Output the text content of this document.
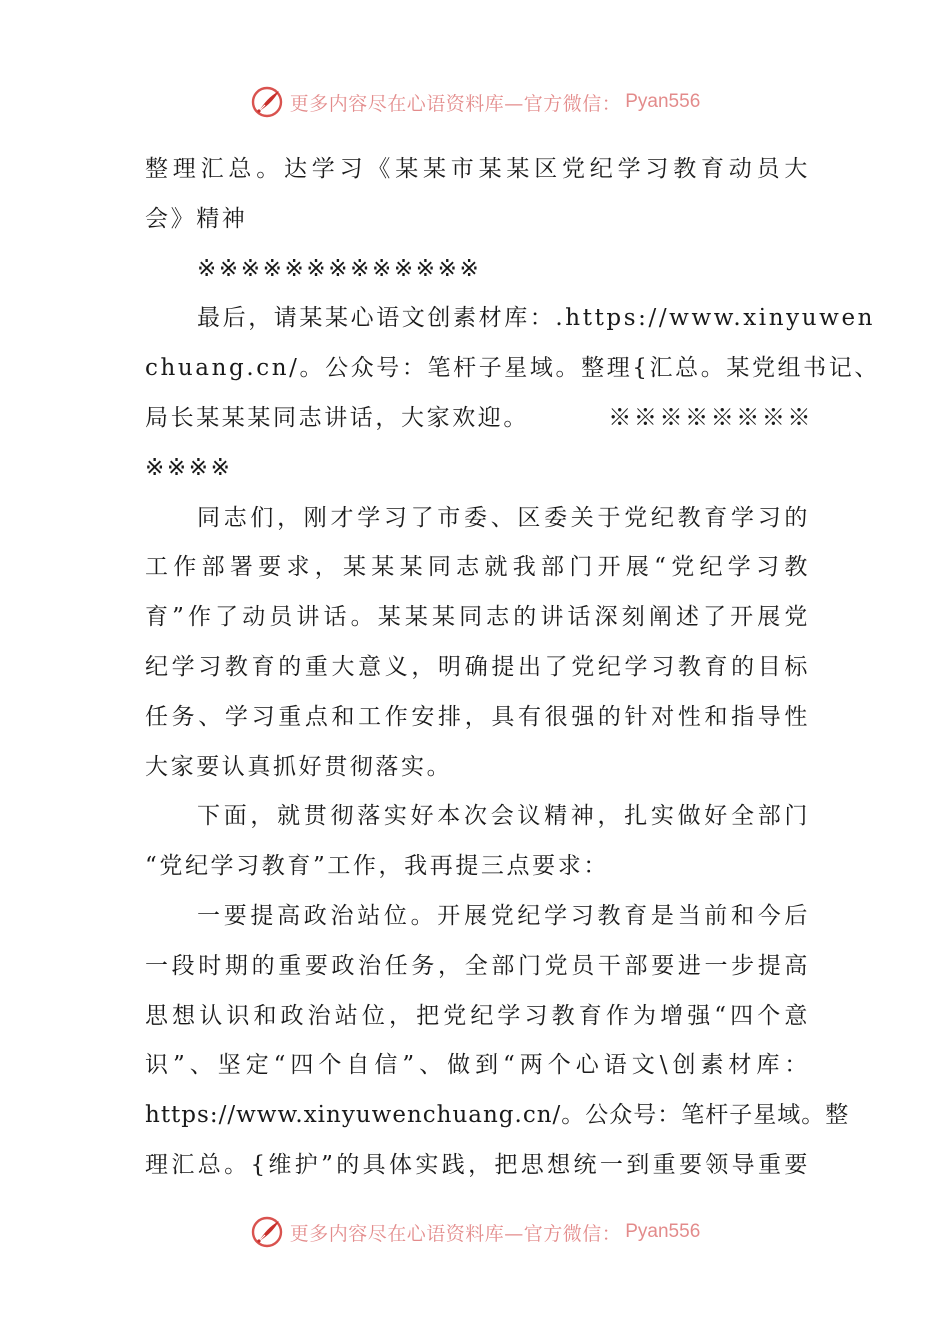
更多内容尽在心语资料库—官方微信： Pyan556
整理汇总。达学习《某某市某某区党纪学习教育动员大
会》精神
※※※※※※※※※※※※※
最后，请某某心语文创素材库：.https://www.xinyuwen
chuang.cn/。公众号：笔杆子星域。整理{汇总。某党组书记、
局长某某某同志讲话，大家欢迎。        ※※※※※※※※
※※※※
同志们，刚才学习了市委、区委关于党纪教育学习的
工作部署要求，某某某同志就我部门开展“党纪学习教
育”作了动员讲话。某某某同志的讲话深刻阐述了开展党
纪学习教育的重大意义，明确提出了党纪学习教育的目标
任务、学习重点和工作安排，具有很强的针对性和指导性
大家要认真抓好贯彻落实。
下面，就贯彻落实好本次会议精神，扎实做好全部门
“党纪学习教育”工作，我再提三点要求：
一要提高政治站位。开展党纪学习教育是当前和今后
一段时期的重要政治任务，全部门党员干部要进一步提高
思想认识和政治站位，把党纪学习教育作为增强“四个意
识”、坚定“四个自信”、做到“两个心语文\创素材库：
https://www.xinyuwenchuang.cn/。公众号：笔杆子星域。整
理汇总。{维护”的具体实践，把思想统一到重要领导重要
更多内容尽在心语资料库—官方微信： Pyan556
